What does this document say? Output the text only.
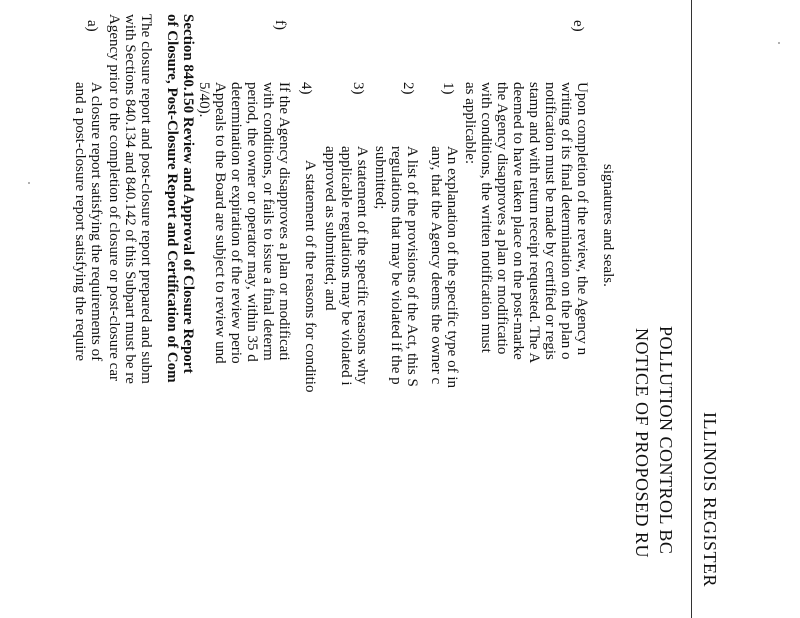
ILLINOIS REGISTER
POLLUTION CONTROL BC
NOTICE OF PROPOSED RU
signatures and seals.
e)
Upon completion of the review, the Agency n
writing of its final determination on the plan o
notification must be made by certified or regis
stamp and with return receipt requested. The A
deemed to have taken place on the post-marke
the Agency disapproves a plan or modificatio
with conditions, the written notification must
as applicable:
1)
An explanation of the specific type of in
any, that the Agency deems the owner c
2)
A list of the provisions of the Act, this S
regulations that may be violated if the p
submitted;
3)
A statement of the specific reasons why
applicable regulations may be violated i
approved as submitted; and
4)
A statement of the reasons for conditio
f)
If the Agency disapproves a plan or modificati
with conditions, or fails to issue a final determ
period, the owner or operator may, within 35 d
determination or expiration of the review perio
Appeals to the Board are subject to review und
5/40).
Section 840.150 Review and Approval of Closure Report
of Closure, Post-Closure Report and Certification of Com
The closure report and post-closure report prepared and subm
with Sections 840.134 and 840.142 of this Subpart must be re
Agency prior to the completion of closure or post-closure car
a)
A closure report satisfying the requirements of
and a post-closure report satisfying the require
